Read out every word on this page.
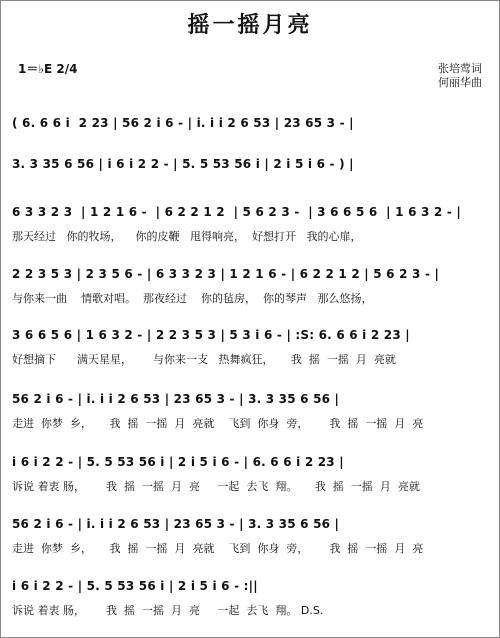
摇一摇月亮
1＝♭E 2/4	张培莺词
何丽华曲
( 6. 6 6 i  2 23 | 56 2 i 6 - | i. i i 2 6 53 | 23 65 3 - |
3. 3 35 6 56 | i 6 i 2 2 - | 5. 5 53 56 i | 2 i 5 i 6 - ) |
6 3 3 2 3  | 1 2 1 6 -  | 6 2 2 1 2  | 5 6 2 3 -  | 3 6 6 5 6  | 1 6 3 2 - |
那天经过   你的牧场，    你的皮鞭   甩得响亮，  好想打开   我的心扉，
2 2 3 5 3 | 2 3 5 6 - | 6 3 3 2 3 | 1 2 1 6 - | 6 2 2 1 2 | 5 6 2 3 - |
与你来一曲    情歌对唱。  那夜经过    你的毡房，  你的琴声   那么悠扬，
3 6 6 5 6 | 1 6 3 2 - | 2 2 3 5 3 | 5 3 i 6 - | :S: 6. 6 6 i 2 23 |
好想摘下      满天星星，      与你来一支   热舞疯狂，     我  摇  一摇  月  亮就
56 2 i 6 - | i. i i 2 6 53 | 23 65 3 - | 3. 3 35 6 56 |
走进  你梦  乡，     我  摇  一摇  月  亮就    飞到  你身  旁，      我  摇  一摇  月  亮
i 6 i 2 2 - | 5. 5 53 56 i | 2 i 5 i 6 - | 6. 6 6 i 2 23 |
诉说 着衷 肠，      我  摇  一摇  月  亮     一起  去飞  翔。     我  摇  一摇  月  亮就
56 2 i 6 - | i. i i 2 6 53 | 23 65 3 - | 3. 3 35 6 56 |
走进  你梦  乡，     我  摇  一摇  月  亮就    飞到  你身  旁，      我  摇  一摇  月  亮
i 6 i 2 2 - | 5. 5 53 56 i | 2 i 5 i 6 - :||
诉说 着衷 肠，      我  摇  一摇  月  亮     一起  去飞  翔。 D.S.
